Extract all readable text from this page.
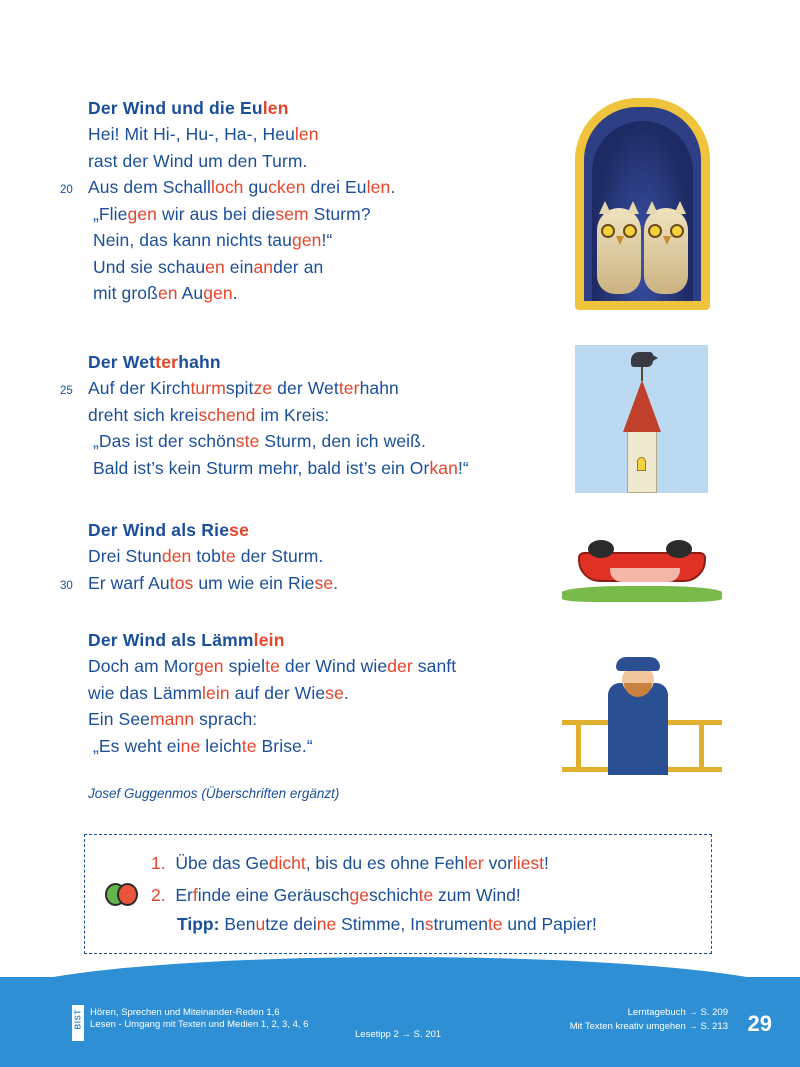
Der Wind und die Eulen
Hei! Mit Hi-, Hu-, Ha-, Heulen
rast der Wind um den Turm.
20 Aus dem Schallloch gucken drei Eulen.
„Fliegen wir aus bei diesem Sturm?
Nein, das kann nichts taugen!“
Und sie schauen einander an
mit großen Augen.
Der Wetterhahn
25 Auf der Kirchturmspitze der Wetterhahn
dreht sich kreischend im Kreis:
„Das ist der schönste Sturm, den ich weiß.
Bald ist’s kein Sturm mehr, bald ist’s ein Orkan!“
Der Wind als Riese
Drei Stunden tobte der Sturm.
30 Er warf Autos um wie ein Riese.
Der Wind als Lämmlein
Doch am Morgen spielte der Wind wieder sanft
wie das Lämmlein auf der Wiese.
Ein Seemann sprach:
„Es weht eine leichte Brise.“
Josef Guggenmos (Überschriften ergänzt)
1.  Übe das Gedicht, bis du es ohne Fehler vorliest!
2.  Erfinde eine Geräuschgeschichte zum Wind!
Tipp: Benutze deine Stimme, Instrumente und Papier!
BIST Hören, Sprechen und Miteinander-Reden 1,6
Lesen - Umgang mit Texten und Medien 1, 2, 3, 4, 6
Lesetipp 2 → S. 201
Lerntagebuch → S. 209
Mit Texten kreativ umgehen → S. 213 29
